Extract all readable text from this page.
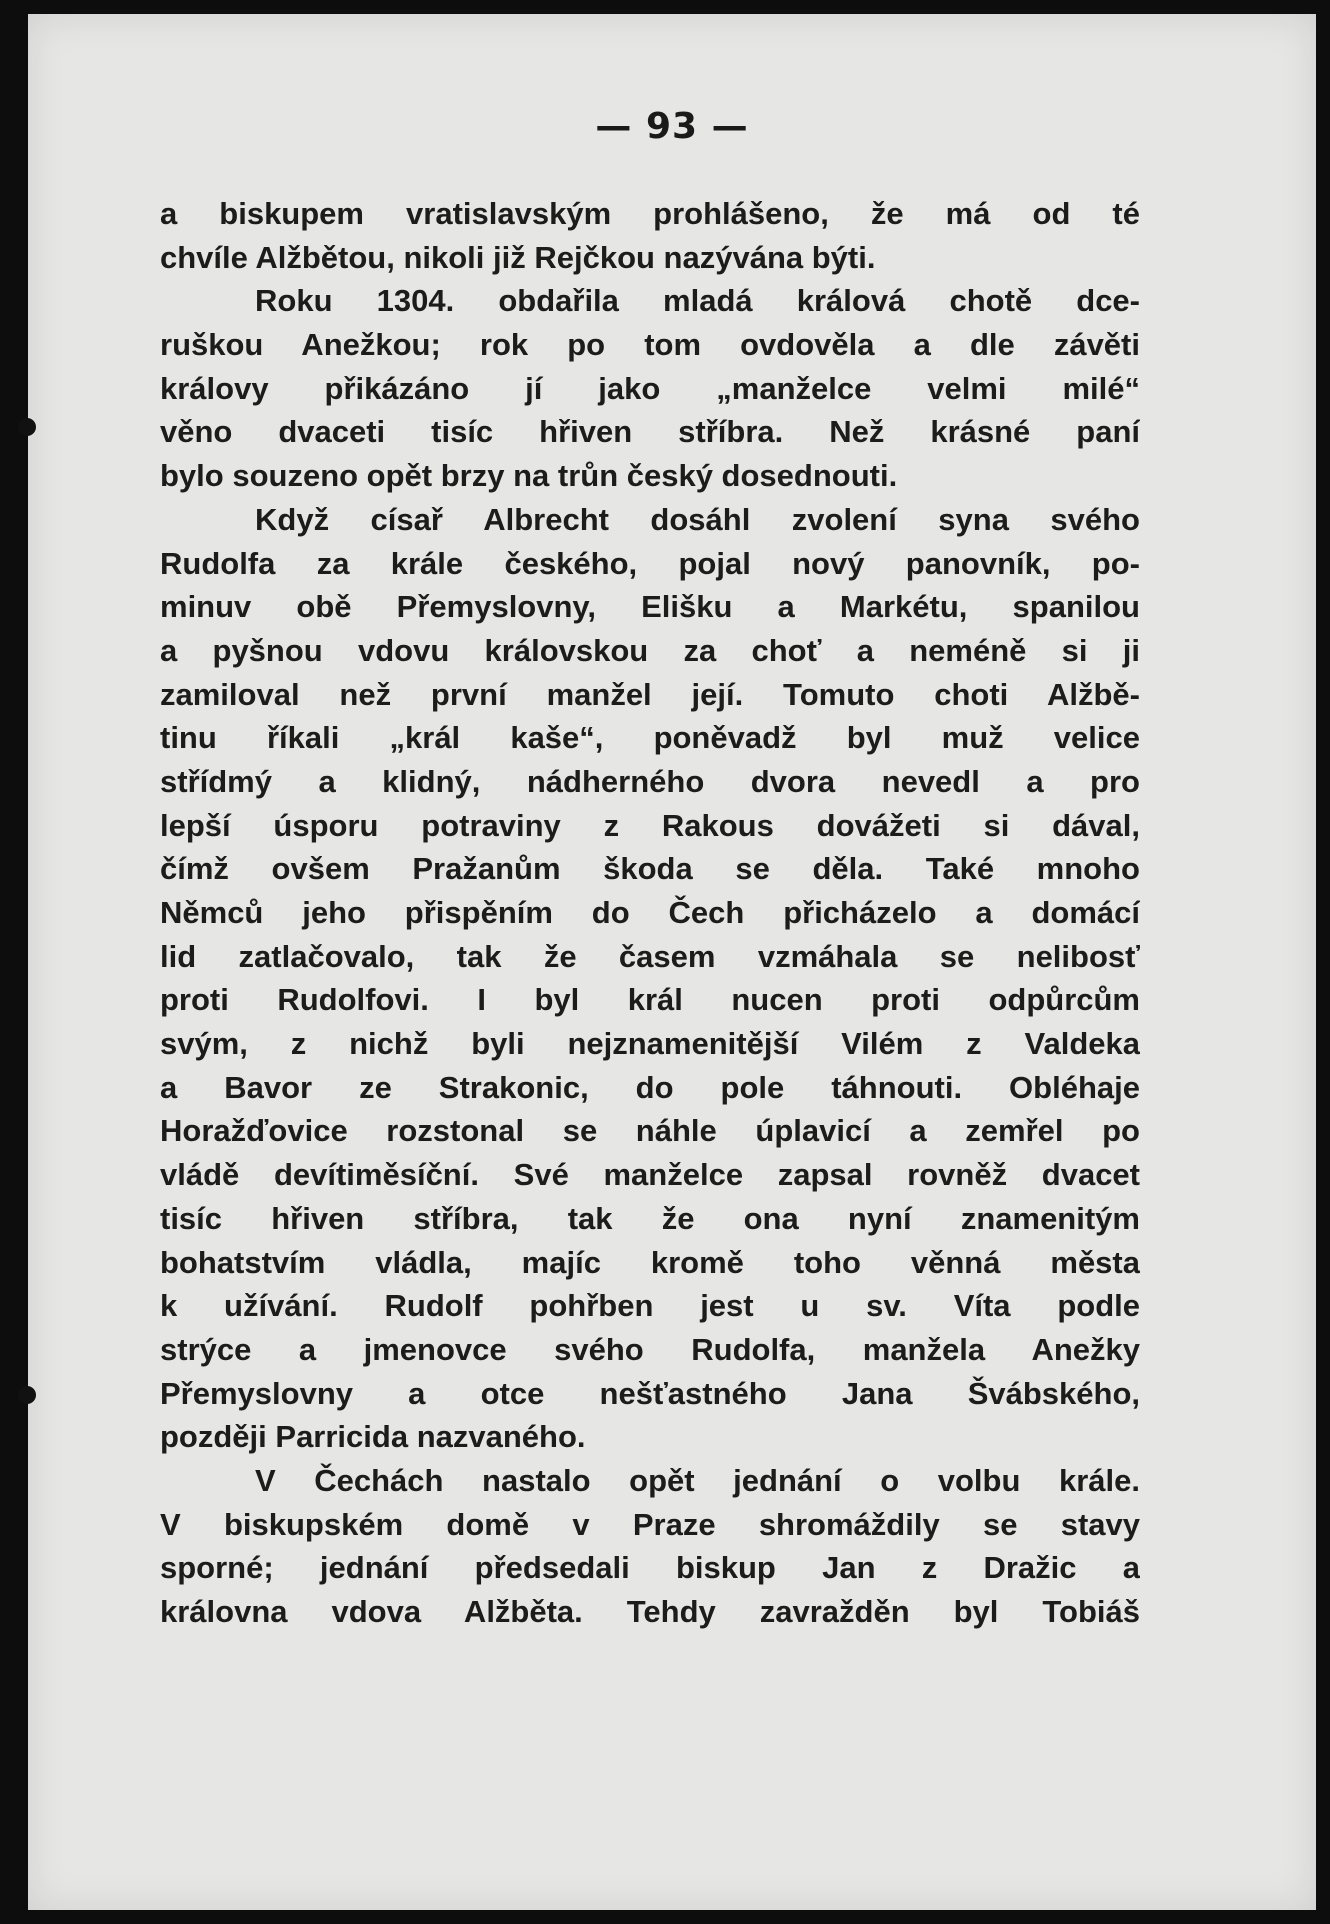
— 93 —
a biskupem vratislavským prohlášeno, že má od té
chvíle Alžbětou, nikoli již Rejčkou nazývána býti.
Roku 1304. obdařila mladá králová chotě dce-
ruškou Anežkou; rok po tom ovdověla a dle závěti
královy přikázáno jí jako „manželce velmi milé“
věno dvaceti tisíc hřiven stříbra. Než krásné paní
bylo souzeno opět brzy na trůn český dosednouti.
Když císař Albrecht dosáhl zvolení syna svého
Rudolfa za krále českého, pojal nový panovník, po-
minuv obě Přemyslovny, Elišku a Markétu, spanilou
a pyšnou vdovu královskou za choť a neméně si ji
zamiloval než první manžel její. Tomuto choti Alžbě-
tinu říkali „král kaše“, poněvadž byl muž velice
střídmý a klidný, nádherného dvora nevedl a pro
lepší úsporu potraviny z Rakous dovážeti si dával,
čímž ovšem Pražanům škoda se děla. Také mnoho
Němců jeho přispěním do Čech přicházelo a domácí
lid zatlačovalo, tak že časem vzmáhala se nelibosť
proti Rudolfovi. I byl král nucen proti odpůrcům
svým, z nichž byli nejznamenitější Vilém z Valdeka
a Bavor ze Strakonic, do pole táhnouti. Obléhaje
Horažďovice rozstonal se náhle úplavicí a zemřel po
vládě devítiměsíční. Své manželce zapsal rovněž dvacet
tisíc hřiven stříbra, tak že ona nyní znamenitým
bohatstvím vládla, majíc kromě toho věnná města
k užívání. Rudolf pohřben jest u sv. Víta podle
strýce a jmenovce svého Rudolfa, manžela Anežky
Přemyslovny a otce nešťastného Jana Švábského,
později Parricida nazvaného.
V Čechách nastalo opět jednání o volbu krále.
V biskupském domě v Praze shromáždily se stavy
sporné; jednání předsedali biskup Jan z Dražic a
královna vdova Alžběta. Tehdy zavražděn byl Tobiáš
